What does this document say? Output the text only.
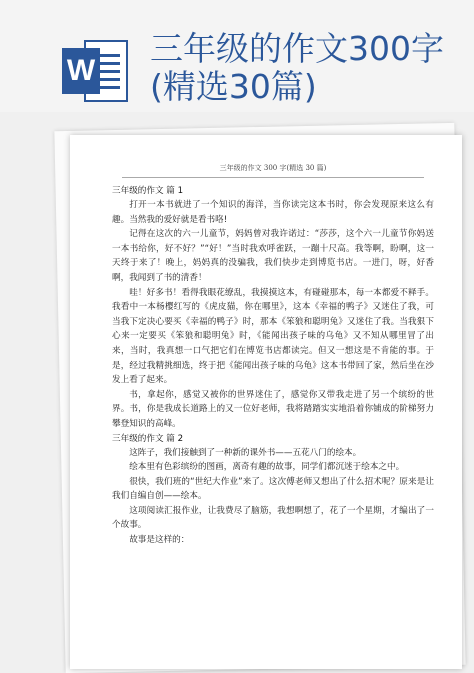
W
三年级的作文300字(精选30篇)
三年级的作文 300 字(精选 30 篇)

三年级的作文 篇 1

打开一本书就进了一个知识的海洋，当你读完这本书时，你会发现原来这么有趣。当然我的爱好就是看书咯!

记得在这次的六一儿童节，妈妈曾对我许诺过：“莎莎，这个六一儿童节你妈送一本书给你，好不好？”“好！”当时我欢呼雀跃，一蹦十尺高。我等啊，盼啊，这一天终于来了！晚上，妈妈真的没骗我，我们快步走到博览书店。一进门，呀，好香啊，我闻到了书的清香！

哇！好多书！看得我眼花缭乱，我摸摸这本，有碰碰那本，每一本都爱不释手。我看中一本杨樱红写的《虎皮猫，你在哪里》，这本《幸福的鸭子》又迷住了我，可当我下定决心要买《幸福的鸭子》时，那本《笨狼和聪明兔》又迷住了我。当我狠下心来一定要买《笨狼和聪明兔》时，《能闻出孩子味的乌龟》又不知从哪里冒了出来，当时，我真想一口气把它们在博览书店都读完。但又一想这是不肯能的事。于是，经过我精挑细选，终于把《能闻出孩子味的乌龟》这本书带回了家，然后坐在沙发上看了起来。

书，拿起你，感觉又被你的世界迷住了，感觉你又带我走进了另一个缤纷的世界。书，你是我成长道路上的又一位好老师，我将踏踏实实地沿着你铺成的阶梯努力攀登知识的高峰。

三年级的作文 篇 2

这阵子，我们接触到了一种新的课外书——五花八门的绘本。

绘本里有色彩缤纷的图画，离奇有趣的故事，同学们都沉迷于绘本之中。

很快，我们班的“世纪大作业”来了。这次傅老师又想出了什么招术呢？原来是让我们自编自创——绘本。

这项阅读汇报作业，让我费尽了脑筋，我想啊想了，花了一个星期，才编出了一个故事。

故事是这样的：
